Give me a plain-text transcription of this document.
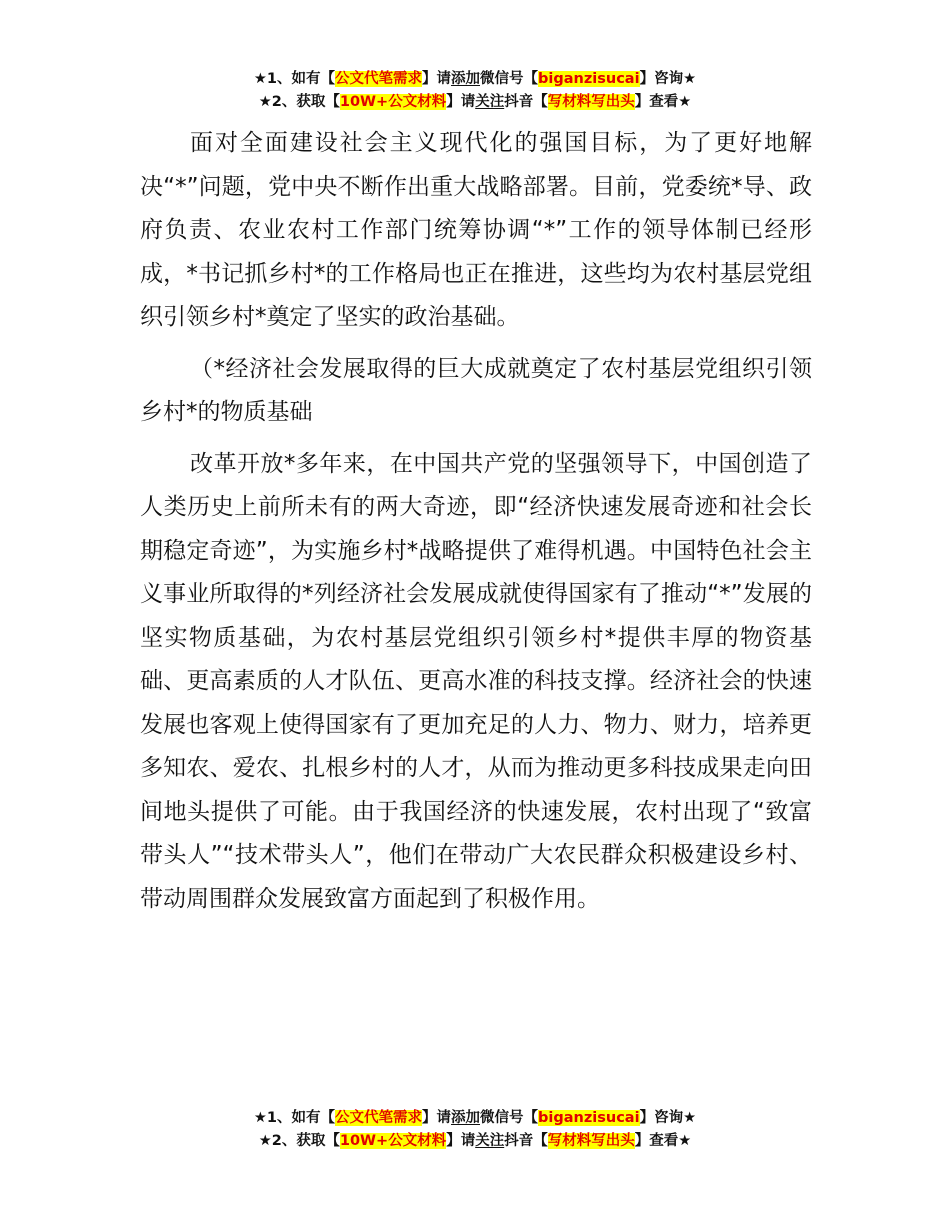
★1、如有【公文代笔需求】请添加微信号【biganzisucai】咨询★
★2、获取【10W+公文材料】请关注抖音【写材料写出头】查看★

面对全面建设社会主义现代化的强国目标，为了更好地解决“*”问题，党中央不断作出重大战略部署。目前，党委统*导、政府负责、农业农村工作部门统筹协调“*”工作的领导体制已经形成，*书记抓乡村*的工作格局也正在推进，这些均为农村基层党组织引领乡村*奠定了坚实的政治基础。

（*经济社会发展取得的巨大成就奠定了农村基层党组织引领乡村*的物质基础

改革开放*多年来，在中国共产党的坚强领导下，中国创造了人类历史上前所未有的两大奇迹，即“经济快速发展奇迹和社会长期稳定奇迹”，为实施乡村*战略提供了难得机遇。中国特色社会主义事业所取得的*列经济社会发展成就使得国家有了推动“*”发展的坚实物质基础，为农村基层党组织引领乡村*提供丰厚的物资基础、更高素质的人才队伍、更高水准的科技支撑。经济社会的快速发展也客观上使得国家有了更加充足的人力、物力、财力，培养更多知农、爱农、扎根乡村的人才，从而为推动更多科技成果走向田间地头提供了可能。由于我国经济的快速发展，农村出现了“致富带头人”“技术带头人”，他们在带动广大农民群众积极建设乡村、带动周围群众发展致富方面起到了积极作用。

★1、如有【公文代笔需求】请添加微信号【biganzisucai】咨询★
★2、获取【10W+公文材料】请关注抖音【写材料写出头】查看★
